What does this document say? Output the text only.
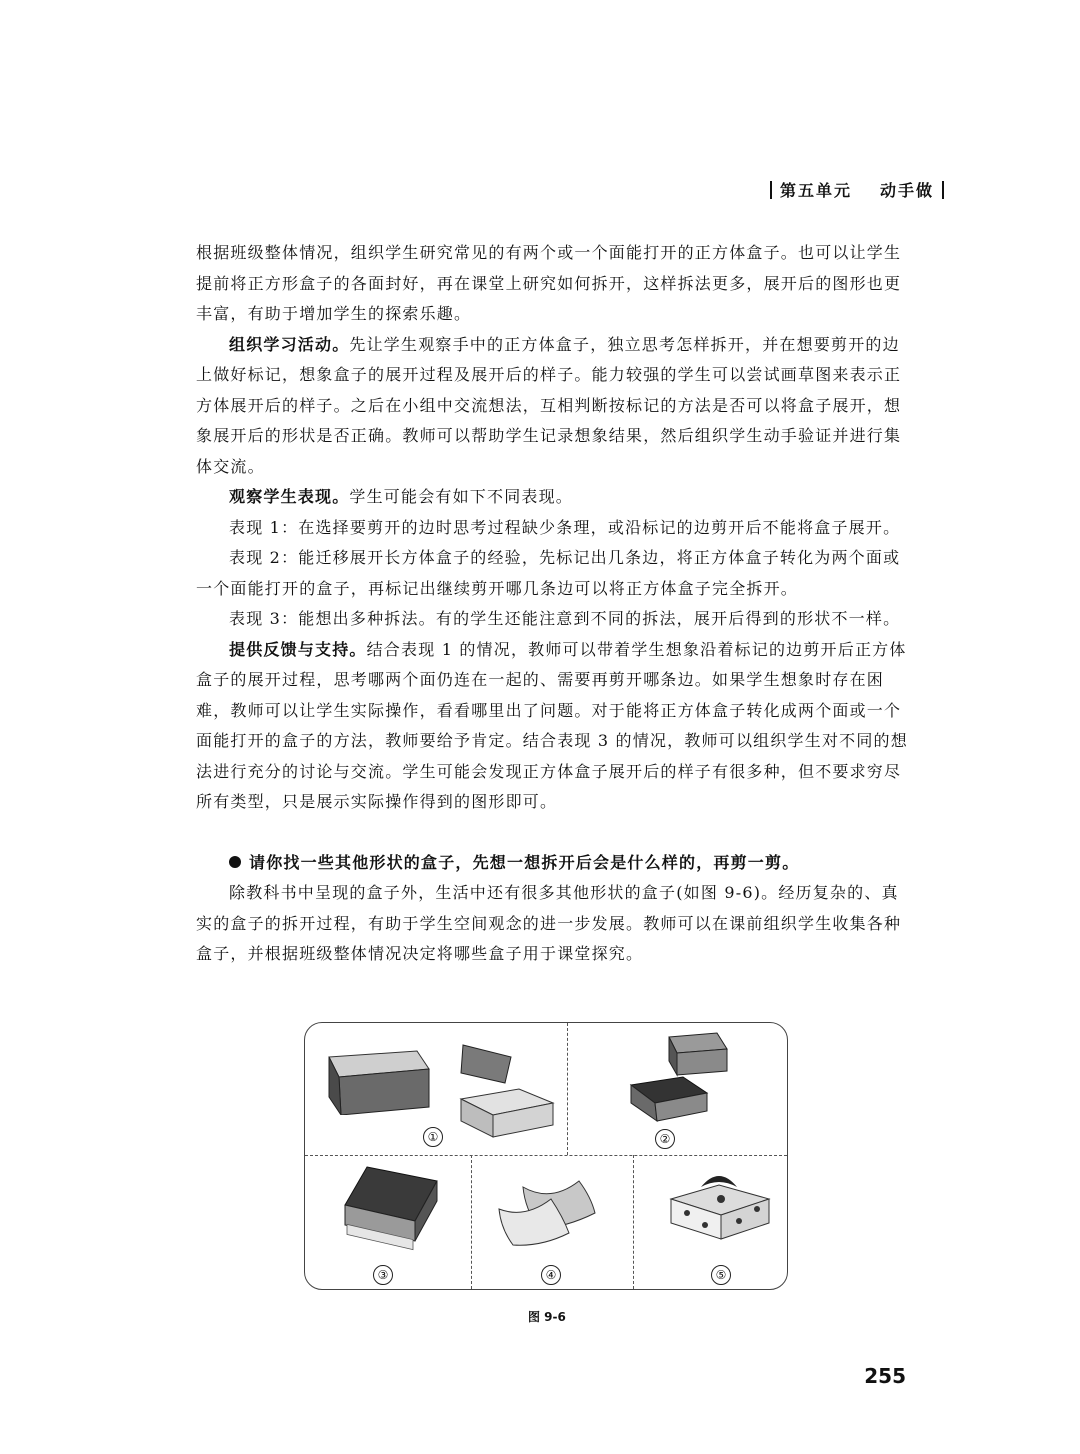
第五单元 动手做

根据班级整体情况，组织学生研究常见的有两个或一个面能打开的正方体盒子。也可以让学生提前将正方形盒子的各面封好，再在课堂上研究如何拆开，这样拆法更多，展开后的图形也更丰富，有助于增加学生的探索乐趣。

组织学习活动。先让学生观察手中的正方体盒子，独立思考怎样拆开，并在想要剪开的边上做好标记，想象盒子的展开过程及展开后的样子。能力较强的学生可以尝试画草图来表示正方体展开后的样子。之后在小组中交流想法，互相判断按标记的方法是否可以将盒子展开，想象展开后的形状是否正确。教师可以帮助学生记录想象结果，然后组织学生动手验证并进行集体交流。

观察学生表现。学生可能会有如下不同表现。

表现 1：在选择要剪开的边时思考过程缺少条理，或沿标记的边剪开后不能将盒子展开。

表现 2：能迁移展开长方体盒子的经验，先标记出几条边，将正方体盒子转化为两个面或一个面能打开的盒子，再标记出继续剪开哪几条边可以将正方体盒子完全拆开。

表现 3：能想出多种拆法。有的学生还能注意到不同的拆法，展开后得到的形状不一样。

提供反馈与支持。结合表现 1 的情况，教师可以带着学生想象沿着标记的边剪开后正方体盒子的展开过程，思考哪两个面仍连在一起的、需要再剪开哪条边。如果学生想象时存在困难，教师可以让学生实际操作，看看哪里出了问题。对于能将正方体盒子转化成两个面或一个面能打开的盒子的方法，教师要给予肯定。结合表现 3 的情况，教师可以组织学生对不同的想法进行充分的讨论与交流。学生可能会发现正方体盒子展开后的样子有很多种，但不要求穷尽所有类型，只是展示实际操作得到的图形即可。

请你找一些其他形状的盒子，先想一想拆开后会是什么样的，再剪一剪。

除教科书中呈现的盒子外，生活中还有很多其他形状的盒子(如图 9-6)。经历复杂的、真实的盒子的拆开过程，有助于学生空间观念的进一步发展。教师可以在课前组织学生收集各种盒子，并根据班级整体情况决定将哪些盒子用于课堂探究。

①	②
③	④	⑤
图 9-6
255
